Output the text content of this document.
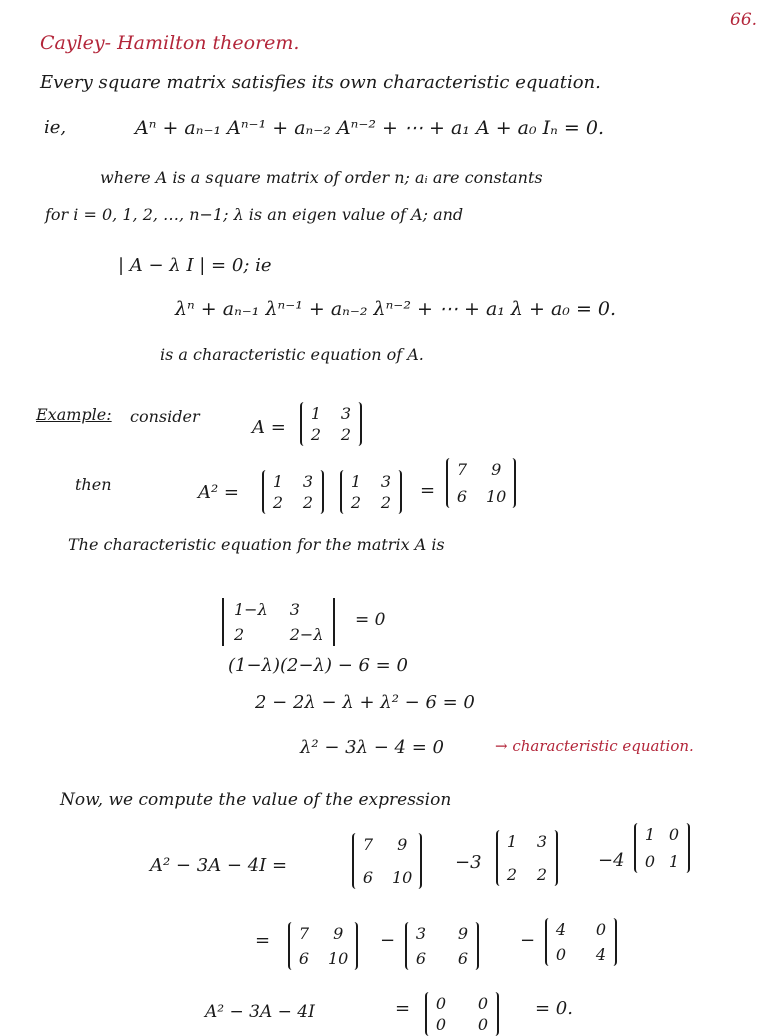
66.
Cayley- Hamilton theorem.
Every square matrix satisfies its own characteristic equation.
ie,	Aⁿ + aₙ₋₁ Aⁿ⁻¹ + aₙ₋₂ Aⁿ⁻² + ⋯ + a₁ A + a₀ Iₙ = 0.
where A is a square matrix of order n; aᵢ are constants
for i = 0, 1, 2, …, n−1; λ is an eigen value of A; and
| A − λ I | = 0; ie
λⁿ + aₙ₋₁ λⁿ⁻¹ + aₙ₋₂ λⁿ⁻² + ⋯ + a₁ λ + a₀ = 0.
is a characteristic equation of A.
Example: consider
A =
1 3
2 2
then	A² =
1 3
2 2
1 3
2 2
=
7	9
6 10
The characteristic equation for the matrix A is
1−λ 3
2	2−λ
= 0
(1−λ)(2−λ) − 6 = 0
2 − 2λ − λ + λ² − 6 = 0
λ² − 3λ − 4 = 0	→ characteristic equation.
Now, we compute the value of the expression
A² − 3A − 4I =
7	9
6 10
−3
1 3
2 2
−4
1 0
0 1
= 7	9
6 10
− 3 9
6 6
−
4 0
0 4
A² − 3A − 4I	= 0 0
0 0
= 0.
